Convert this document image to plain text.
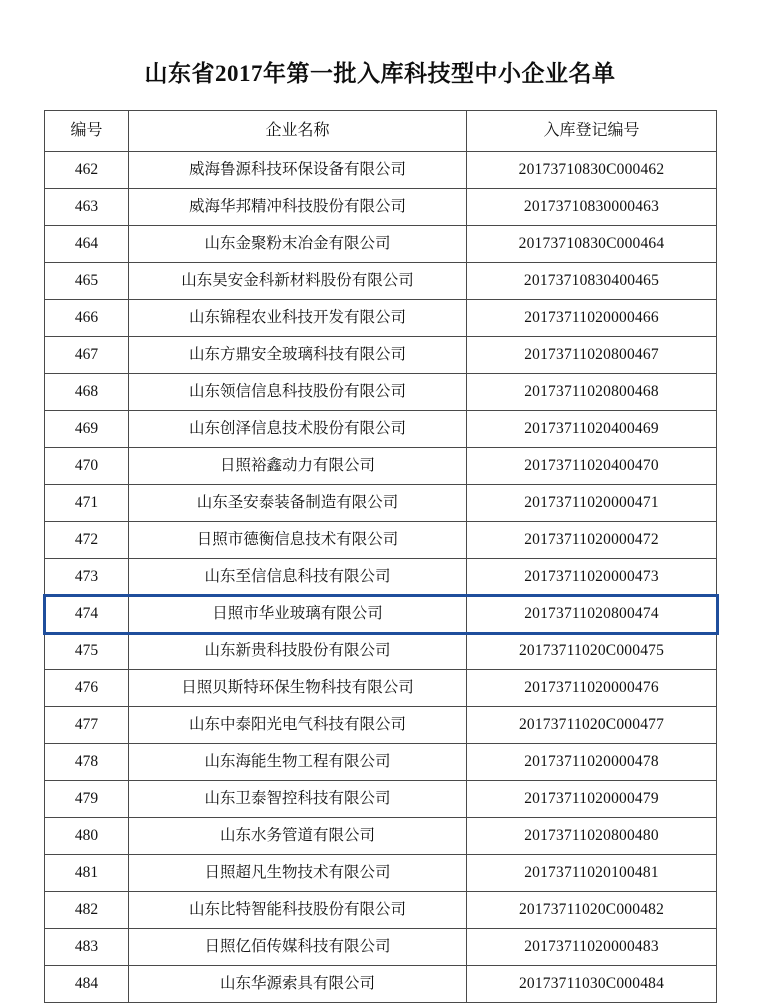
山东省2017年第一批入库科技型中小企业名单
编号	企业名称	入库登记编号
462	威海鲁源科技环保设备有限公司	20173710830C000462
463	威海华邦精冲科技股份有限公司	20173710830000463
464	山东金聚粉末冶金有限公司	20173710830C000464
465	山东昊安金科新材料股份有限公司	20173710830400465
466	山东锦程农业科技开发有限公司	20173711020000466
467	山东方鼎安全玻璃科技有限公司	20173711020800467
468	山东领信信息科技股份有限公司	20173711020800468
469	山东创泽信息技术股份有限公司	20173711020400469
470	日照裕鑫动力有限公司	20173711020400470
471	山东圣安泰装备制造有限公司	20173711020000471
472	日照市德衡信息技术有限公司	20173711020000472
473	山东至信信息科技有限公司	20173711020000473
474	日照市华业玻璃有限公司	20173711020800474
475	山东新贵科技股份有限公司	20173711020C000475
476	日照贝斯特环保生物科技有限公司	20173711020000476
477	山东中泰阳光电气科技有限公司	20173711020C000477
478	山东海能生物工程有限公司	20173711020000478
479	山东卫泰智控科技有限公司	20173711020000479
480	山东水务管道有限公司	20173711020800480
481	日照超凡生物技术有限公司	20173711020100481
482	山东比特智能科技股份有限公司	20173711020C000482
483	日照亿佰传媒科技有限公司	20173711020000483
484	山东华源索具有限公司	20173711030C000484
